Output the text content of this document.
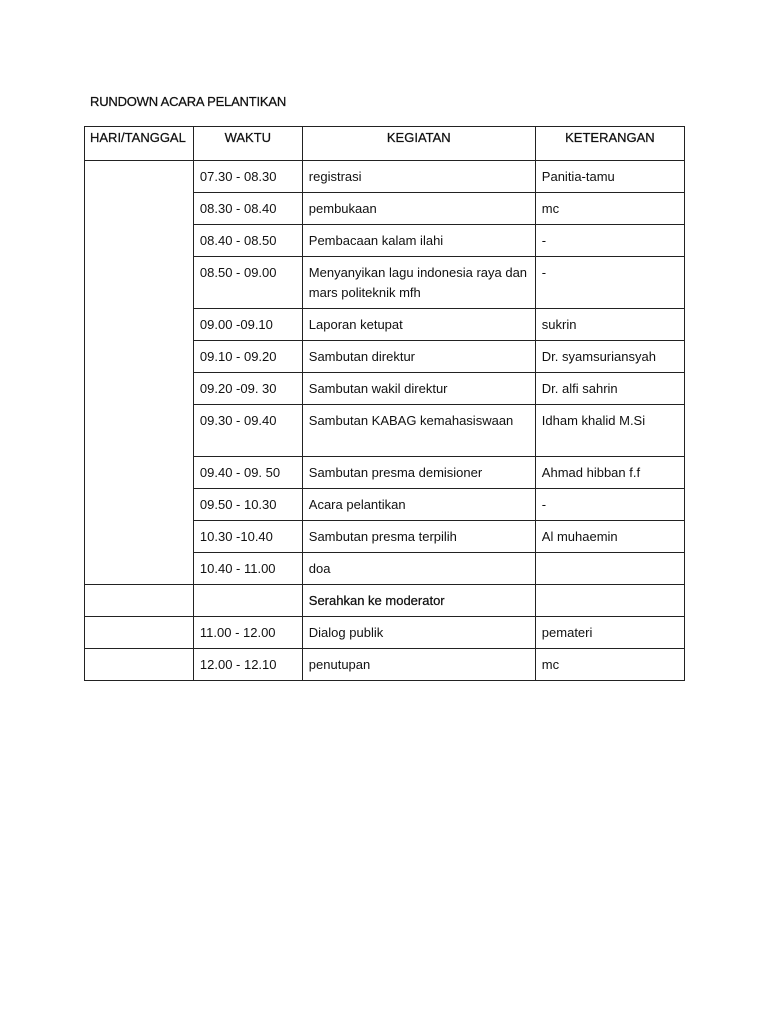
RUNDOWN ACARA PELANTIKAN
HARI/TANGGAL	WAKTU	KEGIATAN	KETERANGAN
	07.30 - 08.30	registrasi	Panitia-tamu
	08.30 - 08.40	pembukaan	mc
	08.40 - 08.50	Pembacaan kalam ilahi	-
	08.50 - 09.00	Menyanyikan lagu indonesia raya dan mars politeknik mfh	-
	09.00 -09.10	Laporan ketupat	sukrin
	09.10 - 09.20	Sambutan direktur	Dr. syamsuriansyah
	09.20 -09. 30	Sambutan wakil direktur	Dr. alfi sahrin
	09.30 - 09.40	Sambutan KABAG kemahasiswaan	Idham khalid M.Si
	09.40 - 09. 50	Sambutan presma demisioner	Ahmad hibban f.f
	09.50 - 10.30	Acara pelantikan	-
	10.30 -10.40	Sambutan presma terpilih	Al muhaemin
	10.40 - 11.00	doa	
		Serahkan ke moderator	
	11.00 - 12.00	Dialog publik	pemateri
	12.00 - 12.10	penutupan	mc
